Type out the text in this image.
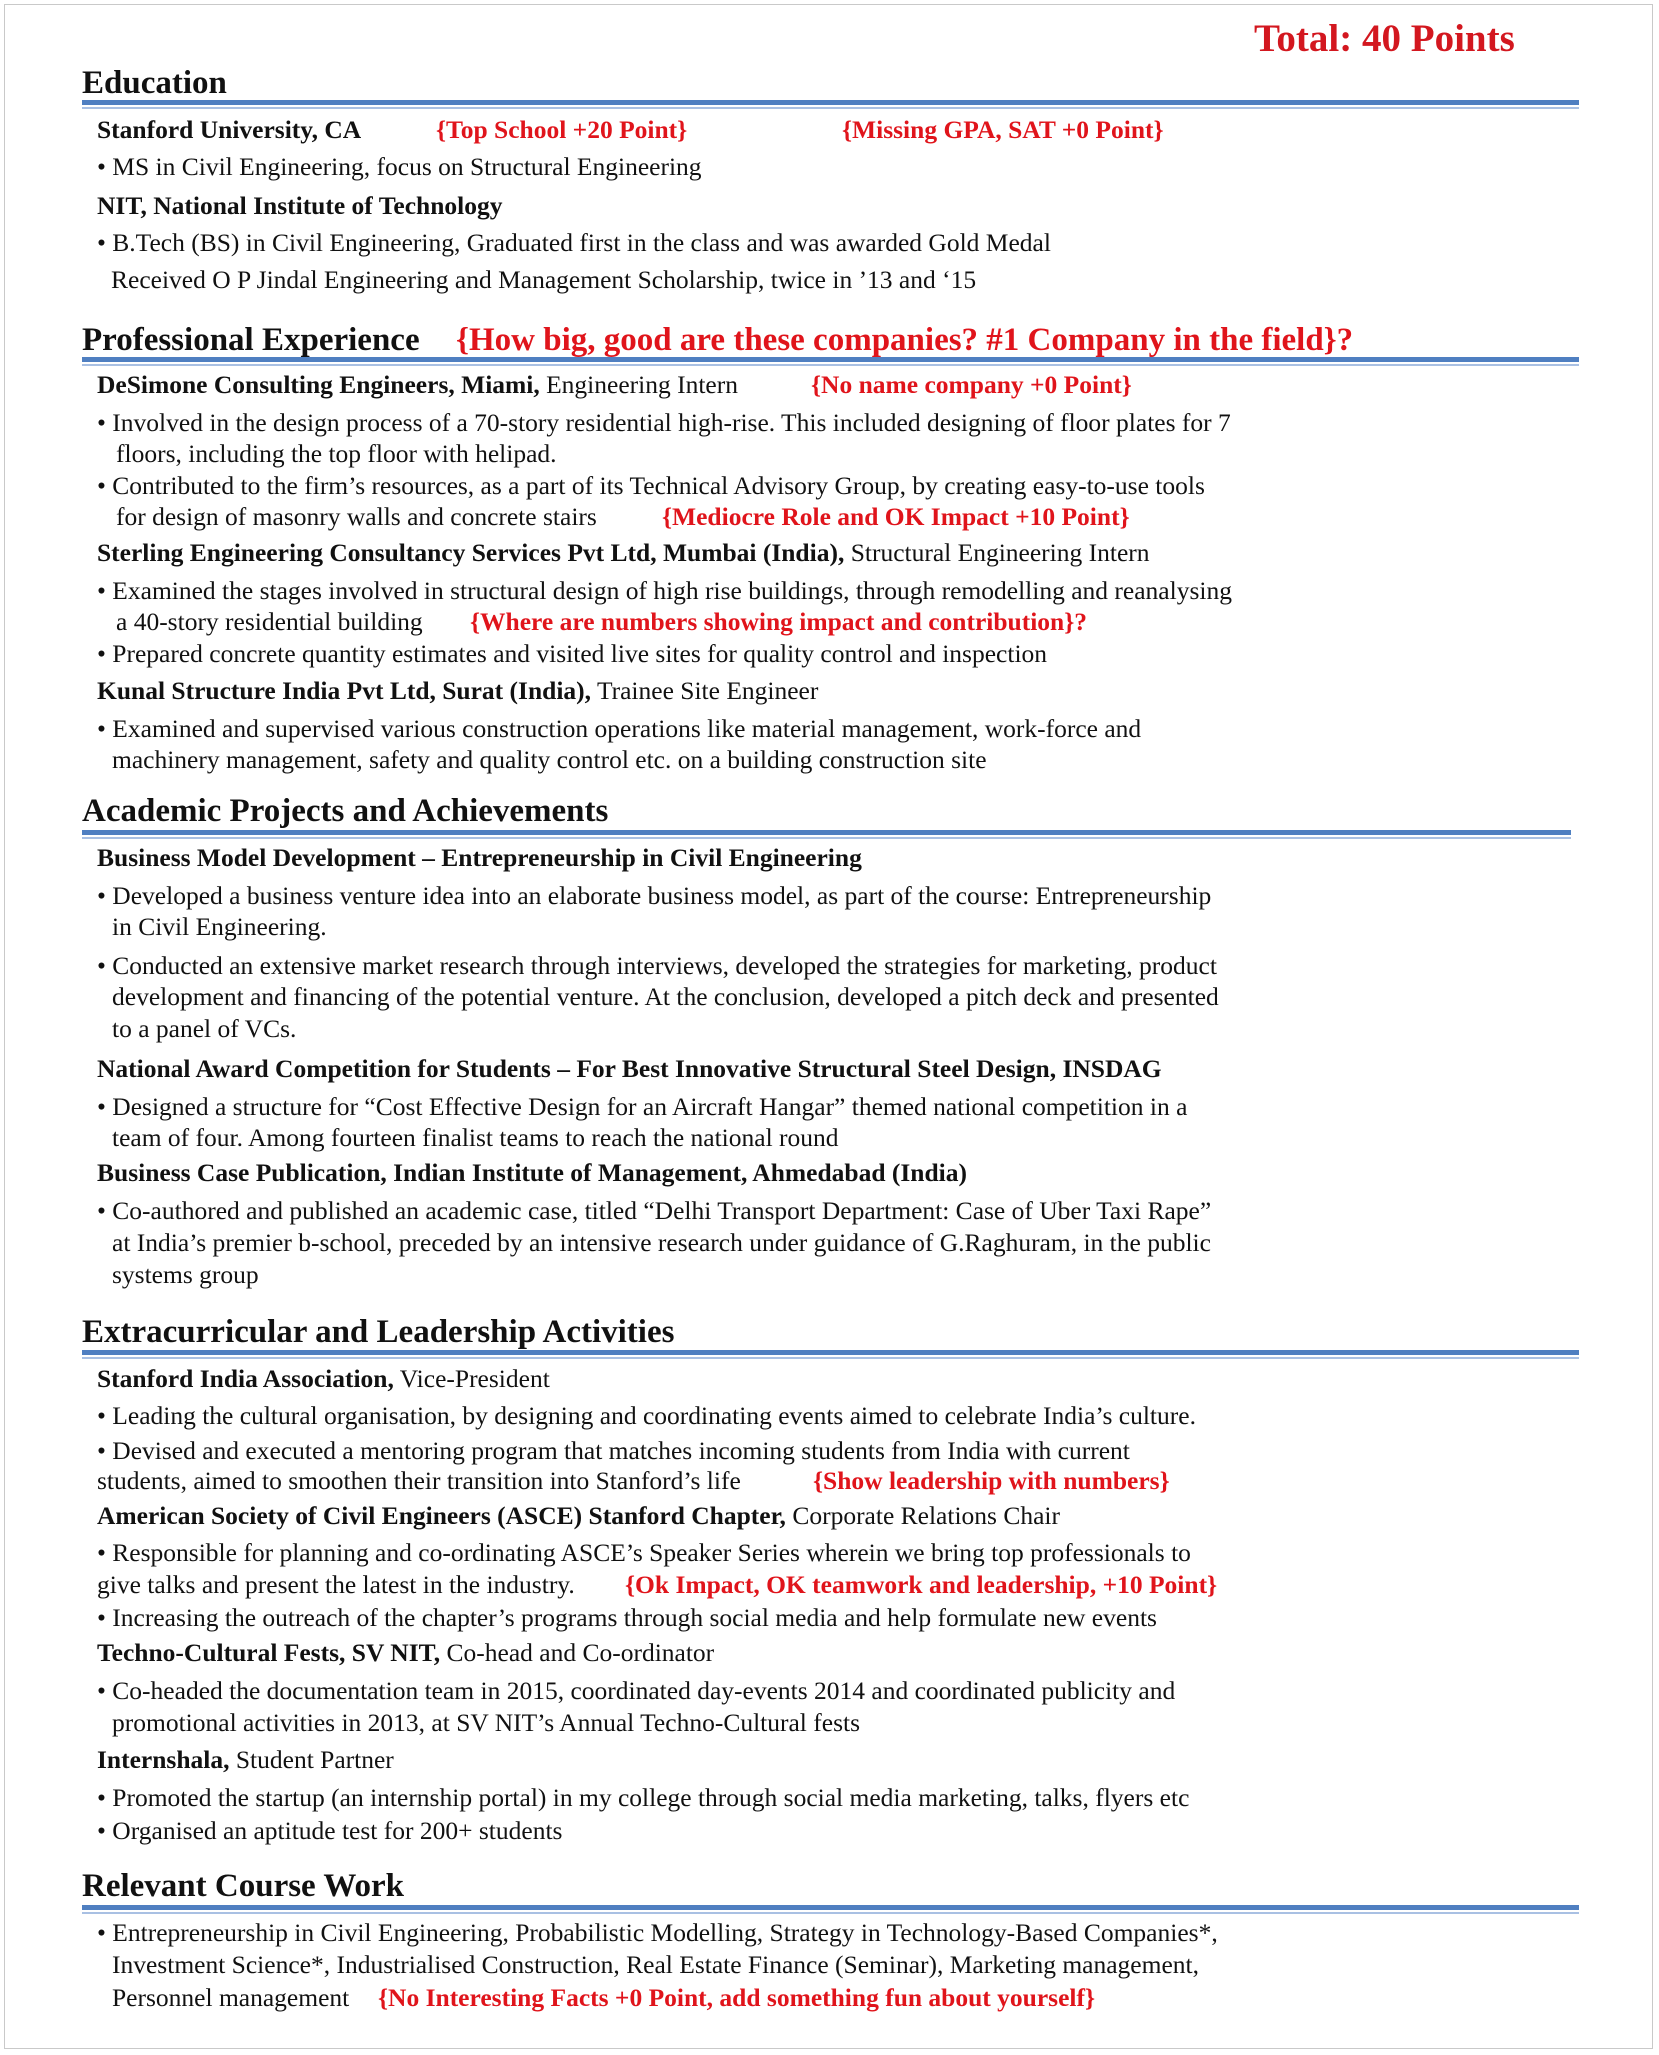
Total: 40 Points
Education
Stanford University, CA	{Top School +20 Point}	{Missing GPA, SAT +0 Point}
• MS in Civil Engineering, focus on Structural Engineering
NIT, National Institute of Technology
• B.Tech (BS) in Civil Engineering, Graduated first in the class and was awarded Gold Medal
Received O P Jindal Engineering and Management Scholarship, twice in ’13 and ‘15
Professional Experience {How big, good are these companies? #1 Company in the field}?
DeSimone Consulting Engineers, Miami, Engineering Intern	{No name company +0 Point}
• Involved in the design process of a 70-story residential high-rise. This included designing of floor plates for 7
floors, including the top floor with helipad.
• Contributed to the firm’s resources, as a part of its Technical Advisory Group, by creating easy-to-use tools
for design of masonry walls and concrete stairs	{Mediocre Role and OK Impact +10 Point}
Sterling Engineering Consultancy Services Pvt Ltd, Mumbai (India), Structural Engineering Intern
• Examined the stages involved in structural design of high rise buildings, through remodelling and reanalysing
a 40-story residential building {Where are numbers showing impact and contribution}?
• Prepared concrete quantity estimates and visited live sites for quality control and inspection
Kunal Structure India Pvt Ltd, Surat (India), Trainee Site Engineer
• Examined and supervised various construction operations like material management, work-force and
machinery management, safety and quality control etc. on a building construction site
Academic Projects and Achievements
Business Model Development – Entrepreneurship in Civil Engineering
• Developed a business venture idea into an elaborate business model, as part of the course: Entrepreneurship
in Civil Engineering.
• Conducted an extensive market research through interviews, developed the strategies for marketing, product
development and financing of the potential venture. At the conclusion, developed a pitch deck and presented
to a panel of VCs.
National Award Competition for Students – For Best Innovative Structural Steel Design, INSDAG
• Designed a structure for “Cost Effective Design for an Aircraft Hangar” themed national competition in a
team of four. Among fourteen finalist teams to reach the national round
Business Case Publication, Indian Institute of Management, Ahmedabad (India)
• Co-authored and published an academic case, titled “Delhi Transport Department: Case of Uber Taxi Rape”
at India’s premier b-school, preceded by an intensive research under guidance of G.Raghuram, in the public
systems group
Extracurricular and Leadership Activities
Stanford India Association, Vice-President
• Leading the cultural organisation, by designing and coordinating events aimed to celebrate India’s culture.
• Devised and executed a mentoring program that matches incoming students from India with current
students, aimed to smoothen their transition into Stanford’s life	{Show leadership with numbers}
American Society of Civil Engineers (ASCE) Stanford Chapter, Corporate Relations Chair
• Responsible for planning and co-ordinating ASCE’s Speaker Series wherein we bring top professionals to
give talks and present the latest in the industry. {Ok Impact, OK teamwork and leadership, +10 Point}
• Increasing the outreach of the chapter’s programs through social media and help formulate new events
Techno-Cultural Fests, SV NIT, Co-head and Co-ordinator
• Co-headed the documentation team in 2015, coordinated day-events 2014 and coordinated publicity and
promotional activities in 2013, at SV NIT’s Annual Techno-Cultural fests
Internshala, Student Partner
• Promoted the startup (an internship portal) in my college through social media marketing, talks, flyers etc
• Organised an aptitude test for 200+ students
Relevant Course Work
• Entrepreneurship in Civil Engineering, Probabilistic Modelling, Strategy in Technology-Based Companies*,
Investment Science*, Industrialised Construction, Real Estate Finance (Seminar), Marketing management,
Personnel management {No Interesting Facts +0 Point, add something fun about yourself}
